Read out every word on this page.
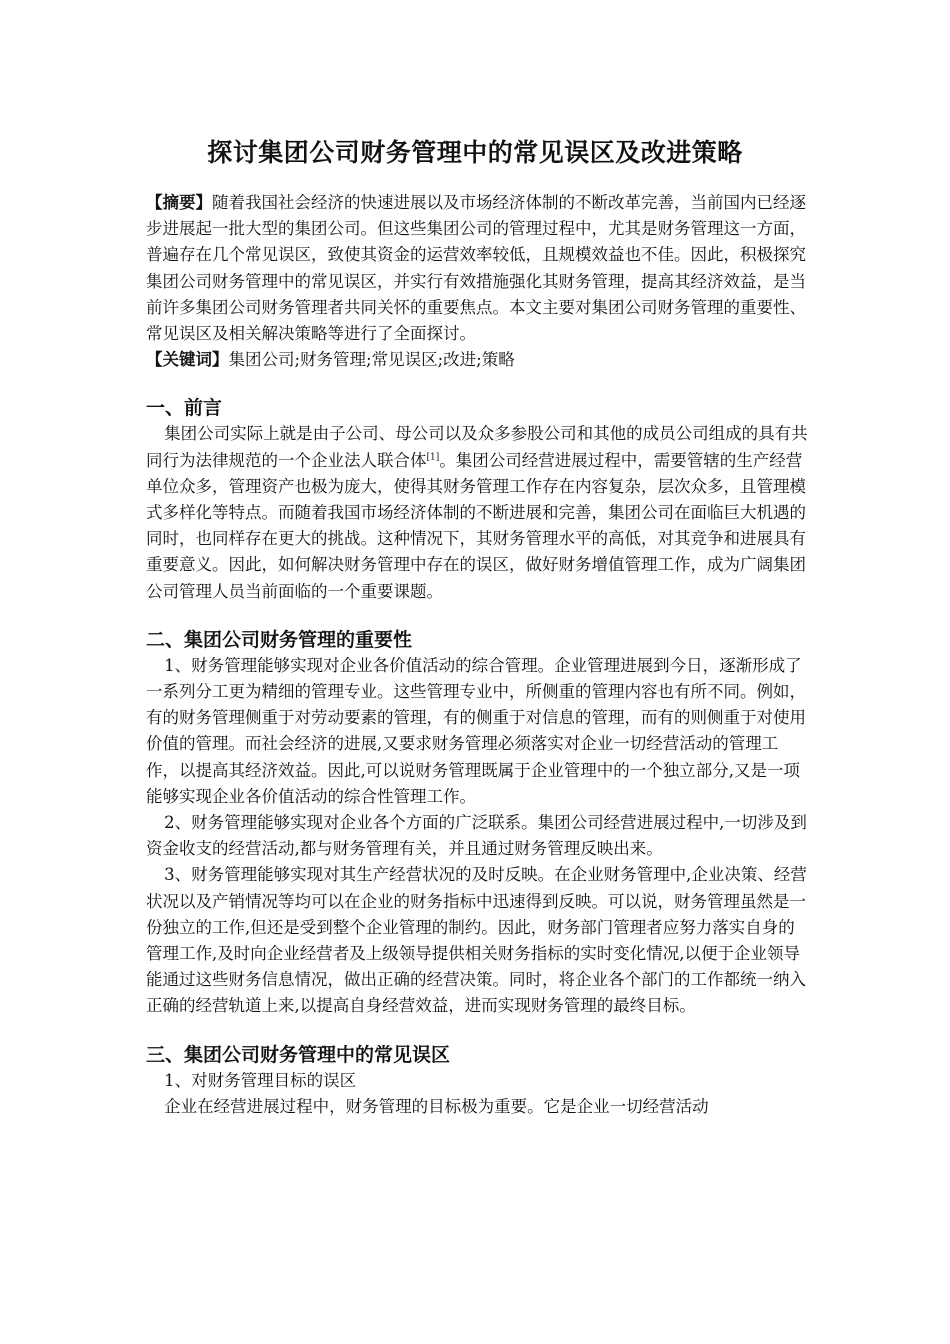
探讨集团公司财务管理中的常见误区及改进策略

【摘要】随着我国社会经济的快速进展以及市场经济体制的不断改革完善，当前国内已经逐步进展起一批大型的集团公司。但这些集团公司的管理过程中，尤其是财务管理这一方面，普遍存在几个常见误区，致使其资金的运营效率较低，且规模效益也不佳。因此，积极探究集团公司财务管理中的常见误区，并实行有效措施强化其财务管理，提高其经济效益，是当前许多集团公司财务管理者共同关怀的重要焦点。本文主要对集团公司财务管理的重要性、常见误区及相关解决策略等进行了全面探讨。

【关键词】集团公司;财务管理;常见误区;改进;策略

一、前言

集团公司实际上就是由子公司、母公司以及众多参股公司和其他的成员公司组成的具有共同行为法律规范的一个企业法人联合体[1]。集团公司经营进展过程中，需要管辖的生产经营单位众多，管理资产也极为庞大，使得其财务管理工作存在内容复杂，层次众多，且管理模式多样化等特点。而随着我国市场经济体制的不断进展和完善，集团公司在面临巨大机遇的同时，也同样存在更大的挑战。这种情况下，其财务管理水平的高低，对其竞争和进展具有重要意义。因此，如何解决财务管理中存在的误区，做好财务增值管理工作，成为广阔集团公司管理人员当前面临的一个重要课题。

二、集团公司财务管理的重要性

1、财务管理能够实现对企业各价值活动的综合管理。企业管理进展到今日，逐渐形成了一系列分工更为精细的管理专业。这些管理专业中，所侧重的管理内容也有所不同。例如，有的财务管理侧重于对劳动要素的管理，有的侧重于对信息的管理，而有的则侧重于对使用价值的管理。而社会经济的进展,又要求财务管理必须落实对企业一切经营活动的管理工作，以提高其经济效益。因此,可以说财务管理既属于企业管理中的一个独立部分,又是一项能够实现企业各价值活动的综合性管理工作。

2、财务管理能够实现对企业各个方面的广泛联系。集团公司经营进展过程中,一切涉及到资金收支的经营活动,都与财务管理有关，并且通过财务管理反映出来。

3、财务管理能够实现对其生产经营状况的及时反映。在企业财务管理中,企业决策、经营状况以及产销情况等均可以在企业的财务指标中迅速得到反映。可以说，财务管理虽然是一份独立的工作,但还是受到整个企业管理的制约。因此，财务部门管理者应努力落实自身的管理工作,及时向企业经营者及上级领导提供相关财务指标的实时变化情况,以便于企业领导能通过这些财务信息情况，做出正确的经营决策。同时，将企业各个部门的工作都统一纳入正确的经营轨道上来,以提高自身经营效益，进而实现财务管理的最终目标。

三、集团公司财务管理中的常见误区

1、对财务管理目标的误区

企业在经营进展过程中，财务管理的目标极为重要。它是企业一切经营活动
